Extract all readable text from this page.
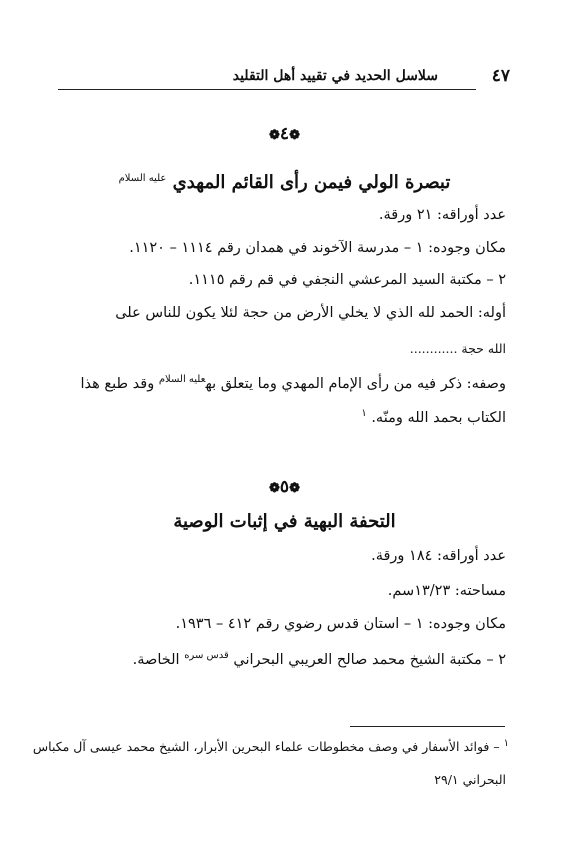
٤٧
سلاسل الحديد في تقييد أهل التقليد
❁٤❁
تبصرة الولي فيمن رأى القائم المهدي $^{عليه السلام}$
عدد أوراقه: ٢١ ورقة.
مكان وجوده: ١ – مدرسة الآخوند في همدان رقم ١١١٤ – ١١٢٠.
٢ – مكتبة السيد المرعشي النجفي في قم رقم ١١١٥.
أوله: الحمد لله الذي لا يخلي الأرض من حجة لئلا يكون للناس على
الله حجة ............
وصفه: ذكر فيه من رأى الإمام المهدي وما يتعلق به$^{عليه السلام}$ وقد طبع هذا
الكتاب بحمد الله ومنّه. $^١$
❁٥❁
التحفة البهية في إثبات الوصية
عدد أوراقه: ١٨٤ ورقة.
مساحته: ١٣/٢٣سم.
مكان وجوده: ١ – استان قدس رضوي رقم ٤١٢ – ١٩٣٦.
٢ – مكتبة الشيخ محمد صالح العريبي البحراني $^{قدس سره}$ الخاصة.
$^١$ – فوائد الأسفار في وصف مخطوطات علماء البحرين الأبرار، الشيخ محمد عيسى آل مكباس
البحراني ٢٩/١
